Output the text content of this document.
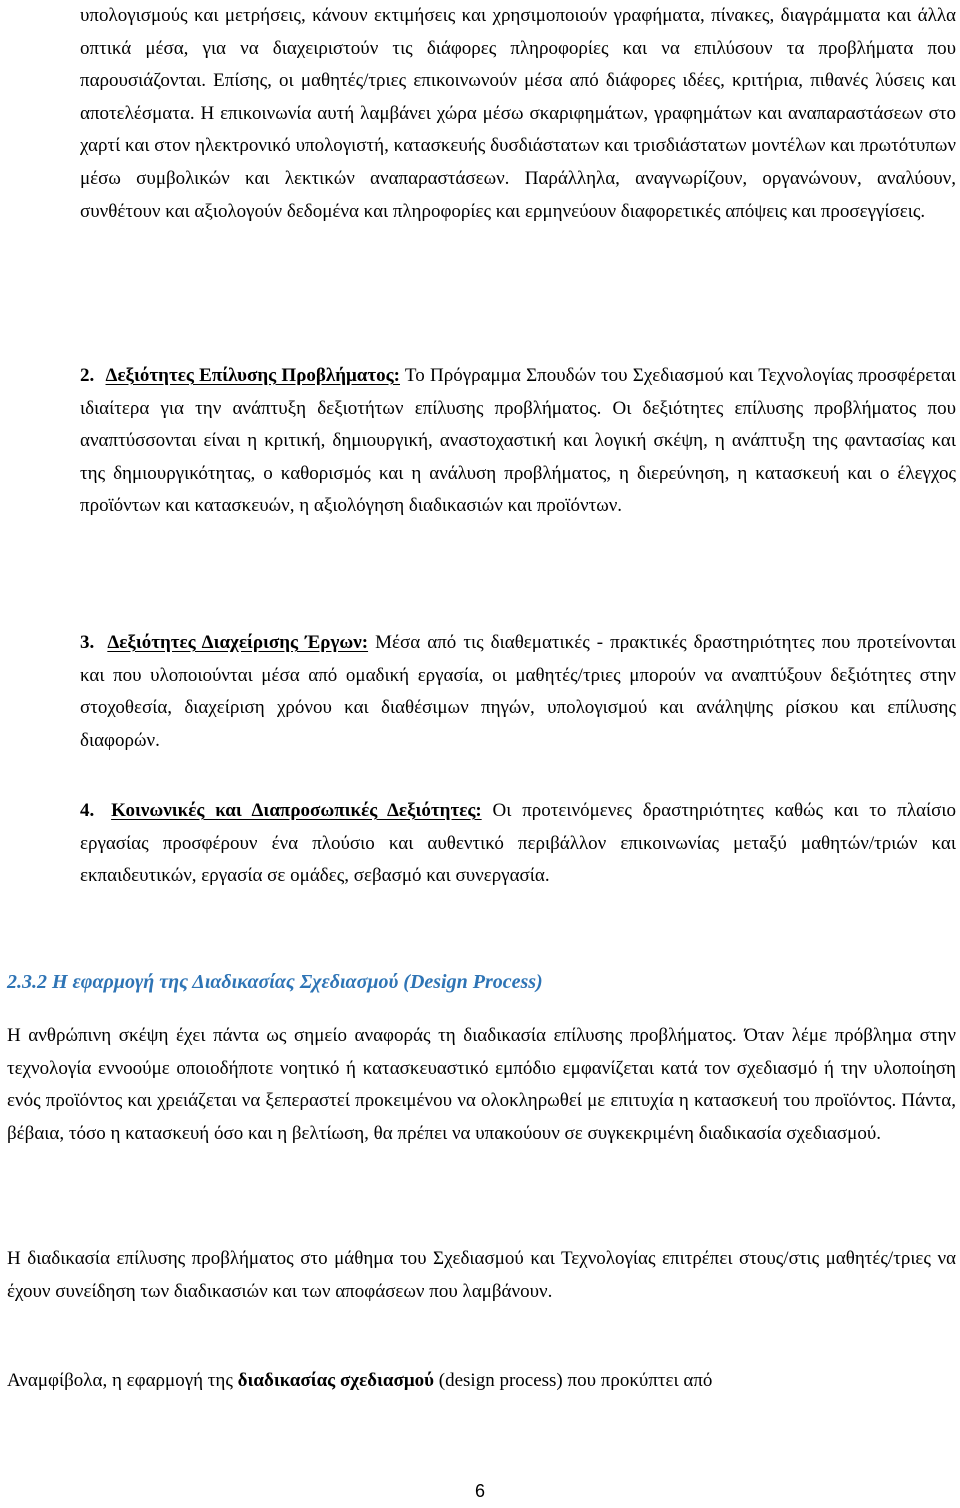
υπολογισμούς και μετρήσεις, κάνουν εκτιμήσεις και χρησιμοποιούν γραφήματα, πίνακες, διαγράμματα και άλλα οπτικά μέσα, για να διαχειριστούν τις διάφορες πληροφορίες και να επιλύσουν τα προβλήματα που παρουσιάζονται. Επίσης, οι μαθητές/τριες επικοινωνούν μέσα από διάφορες ιδέες, κριτήρια, πιθανές λύσεις και αποτελέσματα. Η επικοινωνία αυτή λαμβάνει χώρα μέσω σκαριφημάτων, γραφημάτων και αναπαραστάσεων στο χαρτί και στον ηλεκτρονικό υπολογιστή, κατασκευής δυσδιάστατων και τρισδιάστατων μοντέλων και πρωτότυπων μέσω συμβολικών και λεκτικών αναπαραστάσεων. Παράλληλα, αναγνωρίζουν, οργανώνουν, αναλύουν, συνθέτουν και αξιολογούν δεδομένα και πληροφορίες και ερμηνεύουν διαφορετικές απόψεις και προσεγγίσεις.

2. Δεξιότητες Επίλυσης Προβλήματος: Το Πρόγραμμα Σπουδών του Σχεδιασμού και Τεχνολογίας προσφέρεται ιδιαίτερα για την ανάπτυξη δεξιοτήτων επίλυσης προβλήματος. Οι δεξιότητες επίλυσης προβλήματος που αναπτύσσονται είναι η κριτική, δημιουργική, αναστοχαστική και λογική σκέψη, η ανάπτυξη της φαντασίας και της δημιουργικότητας, ο καθορισμός και η ανάλυση προβλήματος, η διερεύνηση, η κατασκευή και ο έλεγχος προϊόντων και κατασκευών, η αξιολόγηση διαδικασιών και προϊόντων.

3. Δεξιότητες Διαχείρισης Έργων: Μέσα από τις διαθεματικές - πρακτικές δραστηριότητες που προτείνονται και που υλοποιούνται μέσα από ομαδική εργασία, οι μαθητές/τριες μπορούν να αναπτύξουν δεξιότητες στην στοχοθεσία, διαχείριση χρόνου και διαθέσιμων πηγών, υπολογισμού και ανάληψης ρίσκου και επίλυσης διαφορών.

4. Κοινωνικές και Διαπροσωπικές Δεξιότητες: Οι προτεινόμενες δραστηριότητες καθώς και το πλαίσιο εργασίας προσφέρουν ένα πλούσιο και αυθεντικό περιβάλλον επικοινωνίας μεταξύ μαθητών/τριών και εκπαιδευτικών, εργασία σε ομάδες, σεβασμό και συνεργασία.

2.3.2 Η εφαρμογή της Διαδικασίας Σχεδιασμού (Design Process)

Η ανθρώπινη σκέψη έχει πάντα ως σημείο αναφοράς τη διαδικασία επίλυσης προβλήματος. Όταν λέμε πρόβλημα στην τεχνολογία εννοούμε οποιοδήποτε νοητικό ή κατασκευαστικό εμπόδιο εμφανίζεται κατά τον σχεδιασμό ή την υλοποίηση ενός προϊόντος και χρειάζεται να ξεπεραστεί προκειμένου να ολοκληρωθεί με επιτυχία η κατασκευή του προϊόντος. Πάντα, βέβαια, τόσο η κατασκευή όσο και η βελτίωση, θα πρέπει να υπακούουν σε συγκεκριμένη διαδικασία σχεδιασμού.

Η διαδικασία επίλυσης προβλήματος στο μάθημα του Σχεδιασμού και Τεχνολογίας επιτρέπει στους/στις μαθητές/τριες να έχουν συνείδηση των διαδικασιών και των αποφάσεων που λαμβάνουν.

Αναμφίβολα, η εφαρμογή της διαδικασίας σχεδιασμού (design process) που προκύπτει από

6
